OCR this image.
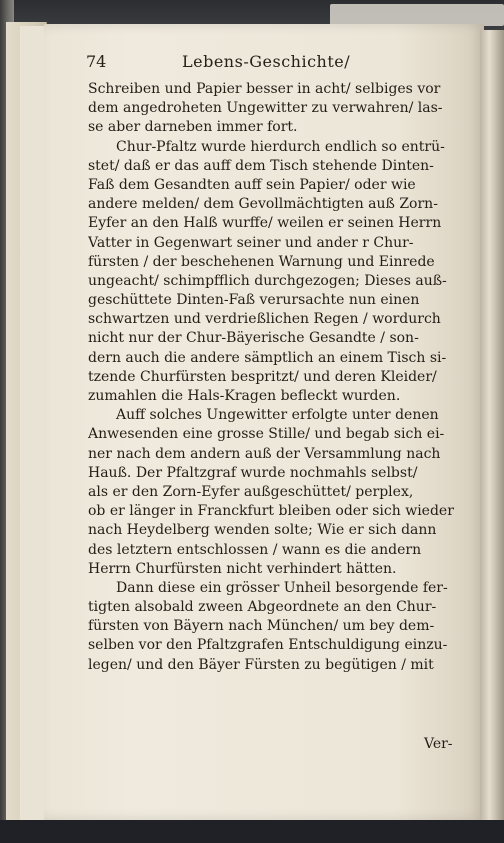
74	Lebens-Geschichte/
Schreiben und Papier besser in acht/ selbiges vor
dem angedroheten Ungewitter zu verwahren/ las-
se aber darneben immer fort.
Chur-Pfaltz wurde hierdurch endlich so entrü-
stet/ daß er das auff dem Tisch stehende Dinten-
Faß dem Gesandten auff sein Papier/ oder wie
andere melden/ dem Gevollmächtigten auß Zorn-
Eyfer an den Halß wurffe/ weilen er seinen Herrn
Vatter in Gegenwart seiner und ander r Chur-
fürsten / der beschehenen Warnung und Einrede
ungeacht/ schimpfflich durchgezogen; Dieses auß-
geschüttete Dinten-Faß verursachte nun einen
schwartzen und verdrießlichen Regen / wordurch
nicht nur der Chur-Bäyerische Gesandte / son-
dern auch die andere sämptlich an einem Tisch si-
tzende Churfürsten bespritzt/ und deren Kleider/
zumahlen die Hals-Kragen befleckt wurden.
Auff solches Ungewitter erfolgte unter denen
Anwesenden eine grosse Stille/ und begab sich ei-
ner nach dem andern auß der Versammlung nach
Hauß. Der Pfaltzgraf wurde nochmahls selbst/
als er den Zorn-Eyfer außgeschüttet/ perplex,
ob er länger in Franckfurt bleiben oder sich wieder
nach Heydelberg wenden solte; Wie er sich dann
des letztern entschlossen / wann es die andern
Herrn Churfürsten nicht verhindert hätten.
Dann diese ein grösser Unheil besorgende fer-
tigten alsobald zween Abgeordnete an den Chur-
fürsten von Bäyern nach München/ um bey dem-
selben vor den Pfaltzgrafen Entschuldigung einzu-
legen/ und den Bäyer Fürsten zu begütigen / mit
Ver-
